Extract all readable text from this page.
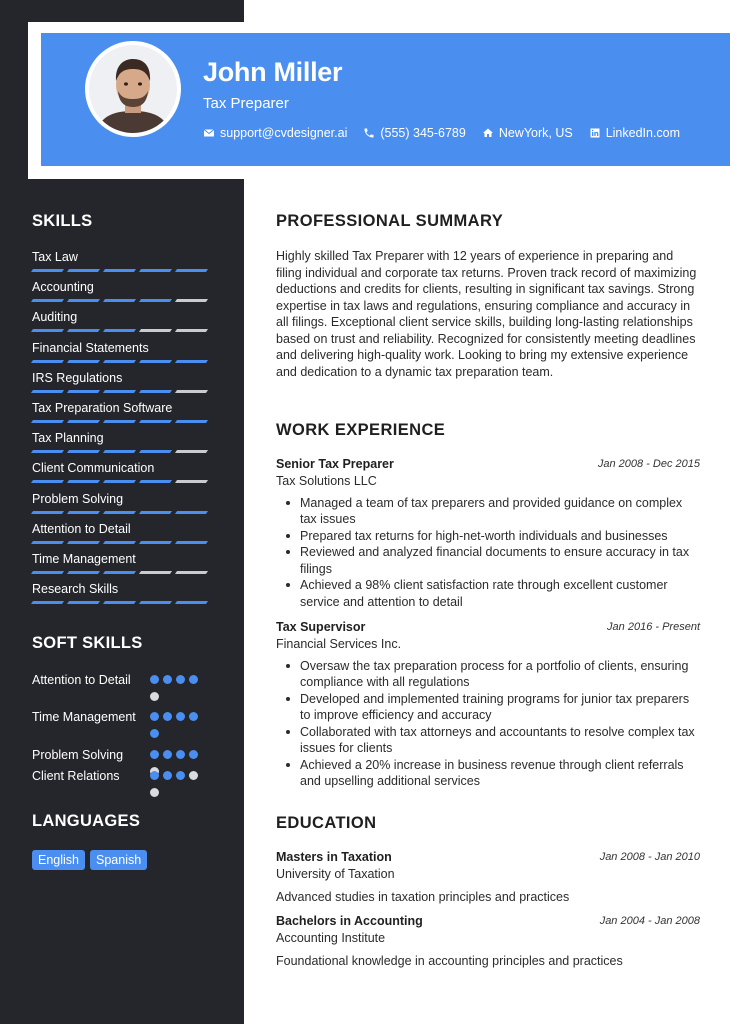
John Miller
Tax Preparer
support@cvdesigner.ai	(555) 345-6789	NewYork, US	LinkedIn.com
SKILLS
Tax Law
Accounting
Auditing
Financial Statements
IRS Regulations
Tax Preparation Software
Tax Planning
Client Communication
Problem Solving
Attention to Detail
Time Management
Research Skills
SOFT SKILLS
Attention to Detail
Time Management
Problem Solving
Client Relations
LANGUAGES
English	Spanish
PROFESSIONAL SUMMARY
Highly skilled Tax Preparer with 12 years of experience in preparing and filing individual and corporate tax returns. Proven track record of maximizing deductions and credits for clients, resulting in significant tax savings. Strong expertise in tax laws and regulations, ensuring compliance and accuracy in all filings. Exceptional client service skills, building long-lasting relationships based on trust and reliability. Recognized for consistently meeting deadlines and delivering high-quality work. Looking to bring my extensive experience and dedication to a dynamic tax preparation team.
WORK EXPERIENCE
Senior Tax Preparer	Jan 2008 - Dec 2015
Tax Solutions LLC
Managed a team of tax preparers and provided guidance on complex tax issues
Prepared tax returns for high-net-worth individuals and businesses
Reviewed and analyzed financial documents to ensure accuracy in tax filings
Achieved a 98% client satisfaction rate through excellent customer service and attention to detail
Tax Supervisor	Jan 2016 - Present
Financial Services Inc.
Oversaw the tax preparation process for a portfolio of clients, ensuring compliance with all regulations
Developed and implemented training programs for junior tax preparers to improve efficiency and accuracy
Collaborated with tax attorneys and accountants to resolve complex tax issues for clients
Achieved a 20% increase in business revenue through client referrals and upselling additional services
EDUCATION
Masters in Taxation	Jan 2008 - Jan 2010
University of Taxation
Advanced studies in taxation principles and practices
Bachelors in Accounting	Jan 2004 - Jan 2008
Accounting Institute
Foundational knowledge in accounting principles and practices
